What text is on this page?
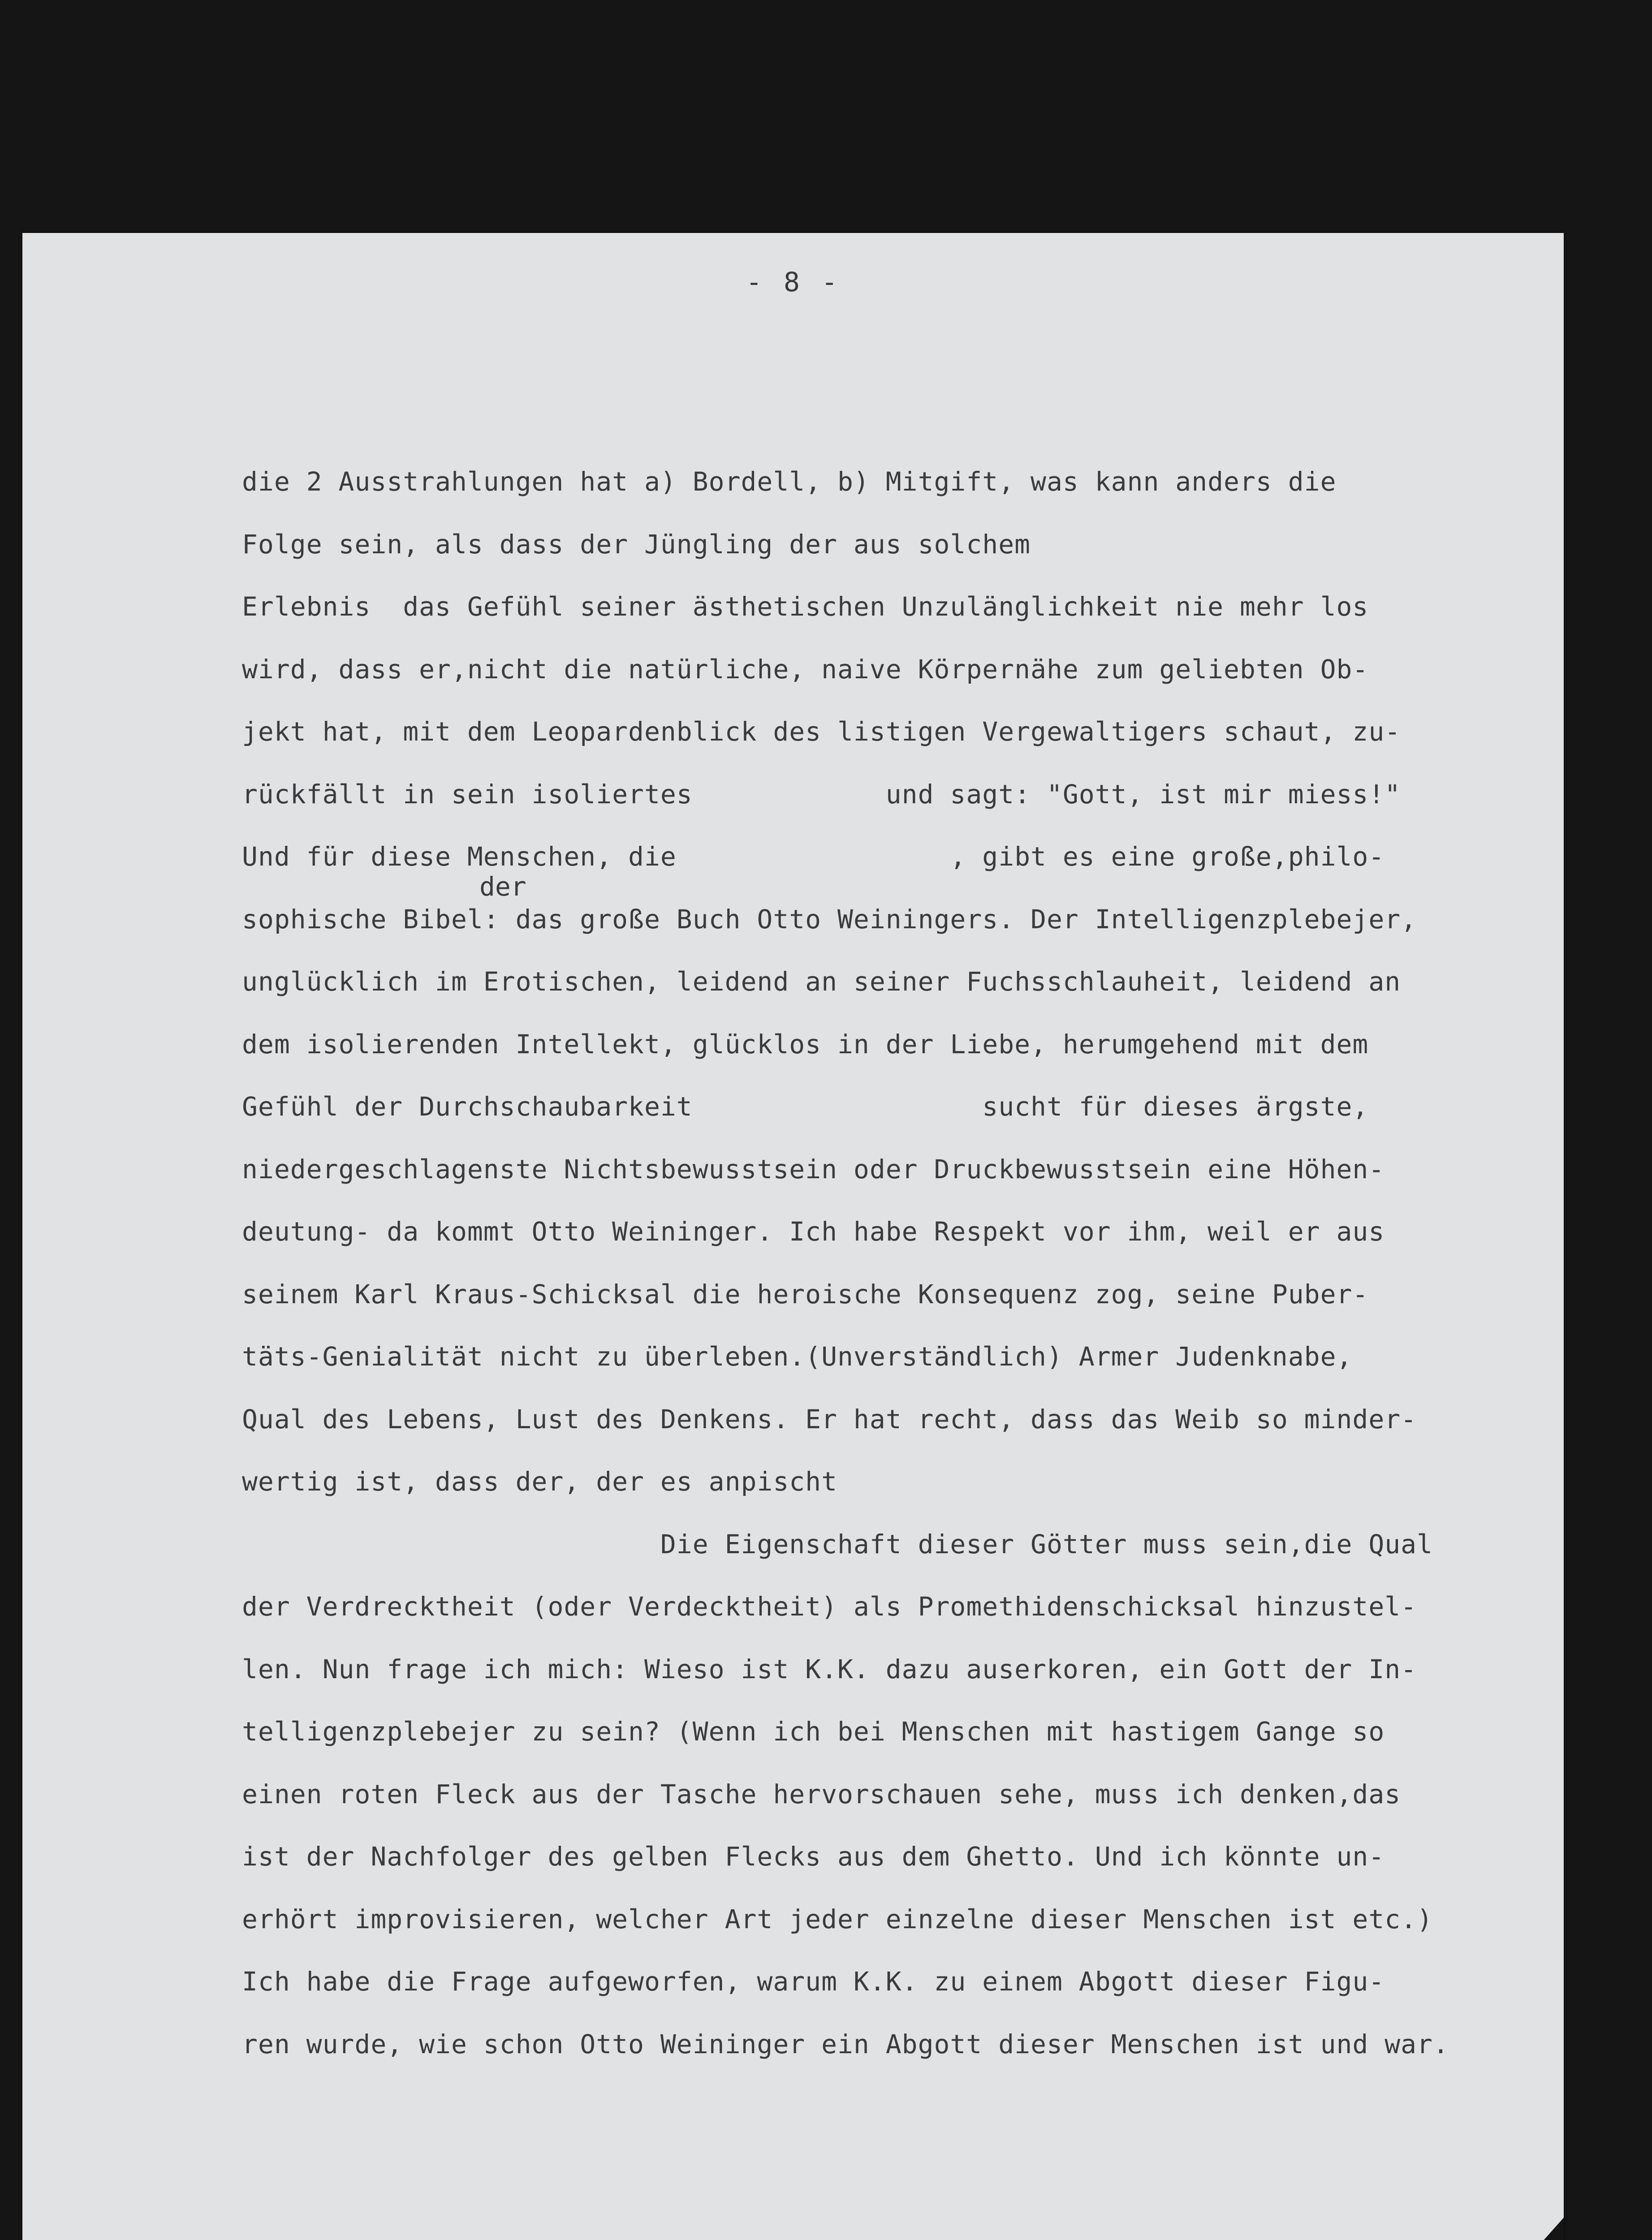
- 8 -
der
die 2 Ausstrahlungen hat a) Bordell, b) Mitgift, was kann anders die
Folge sein, als dass der Jüngling der aus solchem
Erlebnis  das Gefühl seiner ästhetischen Unzulänglichkeit nie mehr los
wird, dass er,nicht die natürliche, naive Körpernähe zum geliebten Ob-
jekt hat, mit dem Leopardenblick des listigen Vergewaltigers schaut, zu-
rückfällt in sein isoliertes            und sagt: "Gott, ist mir miess!"
Und für diese Menschen, die                 , gibt es eine große,philo-
sophische Bibel: das große Buch Otto Weiningers. Der Intelligenzplebejer,
unglücklich im Erotischen, leidend an seiner Fuchsschlauheit, leidend an
dem isolierenden Intellekt, glücklos in der Liebe, herumgehend mit dem
Gefühl der Durchschaubarkeit                  sucht für dieses ärgste,
niedergeschlagenste Nichtsbewusstsein oder Druckbewusstsein eine Höhen-
deutung- da kommt Otto Weininger. Ich habe Respekt vor ihm, weil er aus
seinem Karl Kraus-Schicksal die heroische Konsequenz zog, seine Puber-
täts-Genialität nicht zu überleben.(Unverständlich) Armer Judenknabe,
Qual des Lebens, Lust des Denkens. Er hat recht, dass das Weib so minder-
wertig ist, dass der, der es anpischt
Die Eigenschaft dieser Götter muss sein,die Qual
der Verdrecktheit (oder Verdecktheit) als Promethidenschicksal hinzustel-
len. Nun frage ich mich: Wieso ist K.K. dazu auserkoren, ein Gott der In-
telligenzplebejer zu sein? (Wenn ich bei Menschen mit hastigem Gange so
einen roten Fleck aus der Tasche hervorschauen sehe, muss ich denken,das
ist der Nachfolger des gelben Flecks aus dem Ghetto. Und ich könnte un-
erhört improvisieren, welcher Art jeder einzelne dieser Menschen ist etc.)
Ich habe die Frage aufgeworfen, warum K.K. zu einem Abgott dieser Figu-
ren wurde, wie schon Otto Weininger ein Abgott dieser Menschen ist und war.
